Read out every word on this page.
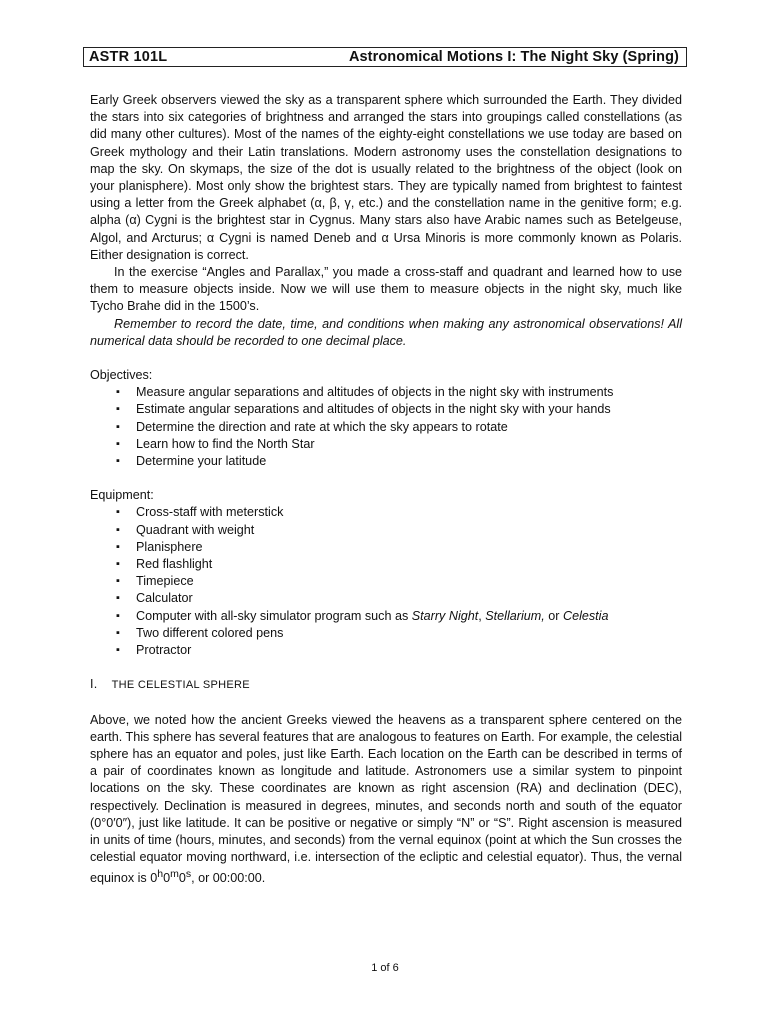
ASTR 101L	Astronomical Motions I: The Night Sky (Spring)

Early Greek observers viewed the sky as a transparent sphere which surrounded the Earth. They divided the stars into six categories of brightness and arranged the stars into groupings called constellations (as did many other cultures). Most of the names of the eighty-eight constellations we use today are based on Greek mythology and their Latin translations. Modern astronomy uses the constellation designations to map the sky. On skymaps, the size of the dot is usually related to the brightness of the object (look on your planisphere). Most only show the brightest stars. They are typically named from brightest to faintest using a letter from the Greek alphabet (α, β, γ, etc.) and the constellation name in the genitive form; e.g. alpha (α) Cygni is the brightest star in Cygnus. Many stars also have Arabic names such as Betelgeuse, Algol, and Arcturus; α Cygni is named Deneb and α Ursa Minoris is more commonly known as Polaris. Either designation is correct.

In the exercise “Angles and Parallax,” you made a cross-staff and quadrant and learned how to use them to measure objects inside. Now we will use them to measure objects in the night sky, much like Tycho Brahe did in the 1500’s.

Remember to record the date, time, and conditions when making any astronomical observations! All numerical data should be recorded to one decimal place.

Objectives:

▪ Measure angular separations and altitudes of objects in the night sky with instruments
▪ Estimate angular separations and altitudes of objects in the night sky with your hands
▪ Determine the direction and rate at which the sky appears to rotate
▪ Learn how to find the North Star
▪ Determine your latitude

Equipment:

▪ Cross-staff with meterstick
▪ Quadrant with weight
▪ Planisphere
▪ Red flashlight
▪ Timepiece
▪ Calculator
▪ Computer with all-sky simulator program such as Starry Night, Stellarium, or Celestia
▪ Two different colored pens
▪ Protractor

I. THE CELESTIAL SPHERE

Above, we noted how the ancient Greeks viewed the heavens as a transparent sphere centered on the earth. This sphere has several features that are analogous to features on Earth. For example, the celestial sphere has an equator and poles, just like Earth. Each location on the Earth can be described in terms of a pair of coordinates known as longitude and latitude. Astronomers use a similar system to pinpoint locations on the sky. These coordinates are known as right ascension (RA) and declination (DEC), respectively. Declination is measured in degrees, minutes, and seconds north and south of the equator (0°0′0″), just like latitude. It can be positive or negative or simply “N” or “S”. Right ascension is measured in units of time (hours, minutes, and seconds) from the vernal equinox (point at which the Sun crosses the celestial equator moving northward, i.e. intersection of the ecliptic and celestial equator). Thus, the vernal equinox is 0$^h$0$^m$0$^s$, or 00:00:00.

1 of 6
